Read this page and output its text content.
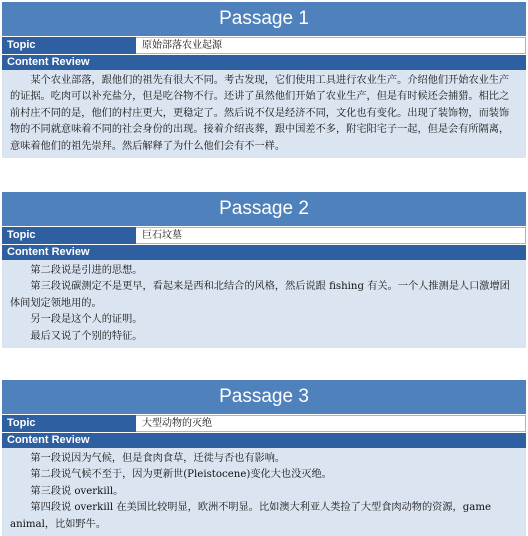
Passage 1
Topic	原始部落农业起源
Content Review

某个农业部落，跟他们的祖先有很大不同。考古发现，它们使用工具进行农业生产。介绍他们开始农业生产的证据。吃肉可以补充盐分，但是吃谷物不行。还讲了虽然他们开始了农业生产，但是有时候还会捕猎。相比之前村庄不同的是，他们的村庄更大，更稳定了。然后说不仅是经济不同，文化也有变化。出现了装饰物，而装饰物的不同就意味着不同的社会身份的出现。接着介绍丧葬，跟中国差不多，附宅阳宅子一起，但是会有所隔离，意味着他们的祖先崇拜。然后解释了为什么他们会有不一样。

Passage 2
Topic	巨石坟墓
Content Review

第二段说是引进的思想。

第三段说碳测定不是更早，看起来是西和北结合的风格，然后说跟 fishing 有关。一个人推测是人口激增团体间划定领地用的。

另一段是这个人的证明。

最后又说了个别的特征。

Passage 3
Topic	大型动物的灭绝
Content Review

第一段说因为气候，但是食肉食草，迁徙与否也有影响。

第二段说气候不至于，因为更新世(Pleistocene)变化大也没灭绝。

第三段说 overkill。

第四段说 overkill 在美国比较明显，欧洲不明显。比如澳大利亚人类捡了大型食肉动物的资源，game animal，比如野牛。
